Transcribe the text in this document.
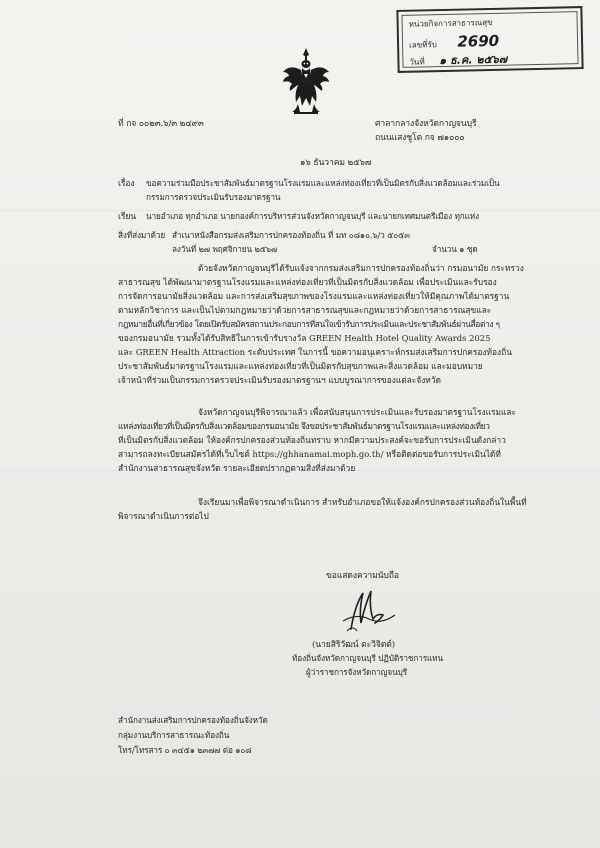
หน่วยกิจการสาธารณสุข
เลขที่รับ 2690
วันที่ ๑ ธ.ค. ๒๕๖๗
ที่ กจ ๐๐๒๓.๖/๓ ๒๔๙๓	ศาลากลางจังหวัดกาญจนบุรี
ถนนแสงชูโต กจ ๗๑๐๐๐
๑๖ ธันวาคม ๒๕๖๗
เรื่อง ขอความร่วมมือประชาสัมพันธ์มาตรฐานโรงแรมและแหล่งท่องเที่ยวที่เป็นมิตรกับสิ่งแวดล้อมและร่วมเป็น
กรรมการตรวจประเมินรับรองมาตรฐาน
เรียน นายอำเภอ ทุกอำเภอ นายกองค์การบริหารส่วนจังหวัดกาญจนบุรี และนายกเทศมนตรีเมือง ทุกแห่ง
สิ่งที่ส่งมาด้วย สำเนาหนังสือกรมส่งเสริมการปกครองท้องถิ่น ที่ มท ๐๘๑๐.๖/ว ๕๐๕๓
ลงวันที่ ๒๗ พฤศจิกายน ๒๕๖๗	จำนวน ๑ ชุด
ด้วยจังหวัดกาญจนบุรีได้รับแจ้งจากกรมส่งเสริมการปกครองท้องถิ่นว่า กรมอนามัย กระทรวง
สาธารณสุข ได้พัฒนามาตรฐานโรงแรมและแหล่งท่องเที่ยวที่เป็นมิตรกับสิ่งแวดล้อม เพื่อประเมินและรับรอง
การจัดการอนามัยสิ่งแวดล้อม และการส่งเสริมสุขภาพของโรงแรมและแหล่งท่องเที่ยวให้มีคุณภาพได้มาตรฐาน
ตามหลักวิชาการ และเป็นไปตามกฎหมายว่าด้วยการสาธารณสุขและกฎหมายว่าด้วยการสาธารณสุขและ
กฎหมายอื่นที่เกี่ยวข้อง โดยเปิดรับสมัครสถานประกอบการที่สนใจเข้ารับการประเมินและประชาสัมพันธ์ผ่านสื่อต่าง ๆ
ของกรมอนามัย รวมทั้งได้รับสิทธิในการเข้ารับรางวัล GREEN Health Hotel Quality Awards 2025
และ GREEN Health Attraction ระดับประเทศ ในการนี้ ขอความอนุเคราะห์กรมส่งเสริมการปกครองท้องถิ่น
ประชาสัมพันธ์มาตรฐานโรงแรมและแหล่งท่องเที่ยวที่เป็นมิตรกับสุขภาพและสิ่งแวดล้อม และมอบหมาย
เจ้าหน้าที่ร่วมเป็นกรรมการตรวจประเมินรับรองมาตรฐานฯ แบบบูรณาการของแต่ละจังหวัด
จังหวัดกาญจนบุรีพิจารณาแล้ว เพื่อสนับสนุนการประเมินและรับรองมาตรฐานโรงแรมและ
แหล่งท่องเที่ยวที่เป็นมิตรกับสิ่งแวดล้อมของกรมอนามัย จึงขอประชาสัมพันธ์มาตรฐานโรงแรมและแหล่งท่องเที่ยว
ที่เป็นมิตรกับสิ่งแวดล้อม ให้องค์กรปกครองส่วนท้องถิ่นทราบ หากมีความประสงค์จะขอรับการประเมินดังกล่าว
สามารถลงทะเบียนสมัครได้ที่เว็บไซต์ https://ghhanamai.moph.go.th/ หรือติดต่อขอรับการประเมินได้ที่
สำนักงานสาธารณสุขจังหวัด รายละเอียดปรากฏตามสิ่งที่ส่งมาด้วย
จึงเรียนมาเพื่อพิจารณาดำเนินการ สำหรับอำเภอขอให้แจ้งองค์กรปกครองส่วนท้องถิ่นในพื้นที่
พิจารณาดำเนินการต่อไป
ขอแสดงความนับถือ
(นายสิริวัฒน์ ตะวิจิตต์)
ท้องถิ่นจังหวัดกาญจนบุรี ปฏิบัติราชการแทน
ผู้ว่าราชการจังหวัดกาญจนบุรี
สำนักงานส่งเสริมการปกครองท้องถิ่นจังหวัด
กลุ่มงานบริการสาธารณะท้องถิ่น
โทร/โทรสาร ๐ ๓๔๕๑ ๒๓๗๗ ต่อ ๑๐๘
